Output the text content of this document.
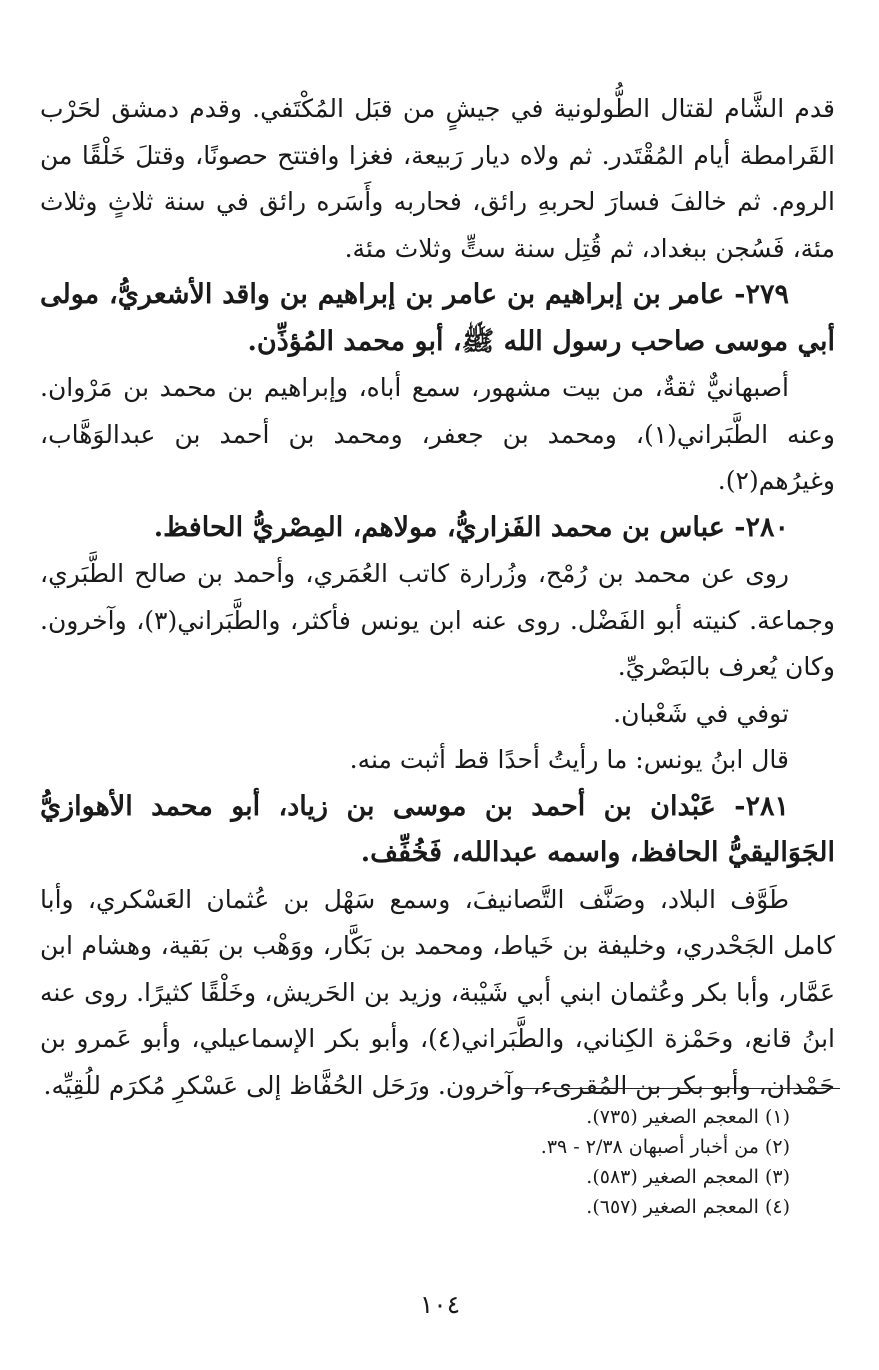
قدم الشَّام لقتال الطُّولونية في جيشٍ من قبَل المُكْتَفي. وقدم دمشق لحَرْب القَرامطة أيام المُقْتَدر. ثم ولاه ديار رَبيعة، فغزا وافتتح حصونًا، وقتلَ خَلْقًا من الروم. ثم خالفَ فسارَ لحربهِ رائق، فحاربه وأَسَره رائق في سنة ثلاثٍ وثلاث مئة، فَسُجن ببغداد، ثم قُتِل سنة ستٍّ وثلاث مئة.

٢٧٩- عامر بن إبراهيم بن عامر بن إبراهيم بن واقد الأشعريُّ، مولى أبي موسى صاحب رسول الله ﷺ، أبو محمد المُؤذِّن.

أصبهانيٌّ ثقةٌ، من بيت مشهور، سمع أباه، وإبراهيم بن محمد بن مَرْوان. وعنه الطَّبَراني(١)، ومحمد بن جعفر، ومحمد بن أحمد بن عبدالوَهَّاب، وغيرُهم(٢).

٢٨٠- عباس بن محمد الفَزاريُّ، مولاهم، المِصْريُّ الحافظ.

روى عن محمد بن رُمْح، وزُرارة كاتب العُمَري، وأحمد بن صالح الطَّبَري، وجماعة. كنيته أبو الفَضْل. روى عنه ابن يونس فأكثر، والطَّبَراني(٣)، وآخرون. وكان يُعرف بالبَصْريِّ.

توفي في شَعْبان.

قال ابنُ يونس: ما رأيتُ أحدًا قط أثبت منه.

٢٨١- عَبْدان بن أحمد بن موسى بن زياد، أبو محمد الأهوازيُّ الجَوَاليقيُّ الحافظ، واسمه عبدالله، فَخُفِّف.

طَوَّف البلاد، وصَنَّف التَّصانيفَ، وسمع سَهْل بن عُثمان العَسْكري، وأبا كامل الجَحْدري، وخليفة بن خَياط، ومحمد بن بَكَّار، ووَهْب بن بَقية، وهشام ابن عَمَّار، وأبا بكر وعُثمان ابني أبي شَيْبة، وزيد بن الحَريش، وخَلْقًا كثيرًا. روى عنه ابنُ قانع، وحَمْزة الكِناني، والطَّبَراني(٤)، وأبو بكر الإسماعيلي، وأبو عَمرو بن حَمْدان، وأبو بكر بن المُقرىء، وآخرون. ورَحَل الحُفَّاظ إلى عَسْكرِ مُكرَم للُقِيِّه.

(١) المعجم الصغير (٧٣٥).

(٢) من أخبار أصبهان ٢/٣٨ - ٣٩.

(٣) المعجم الصغير (٥٨٣).

(٤) المعجم الصغير (٦٥٧).

١٠٤
